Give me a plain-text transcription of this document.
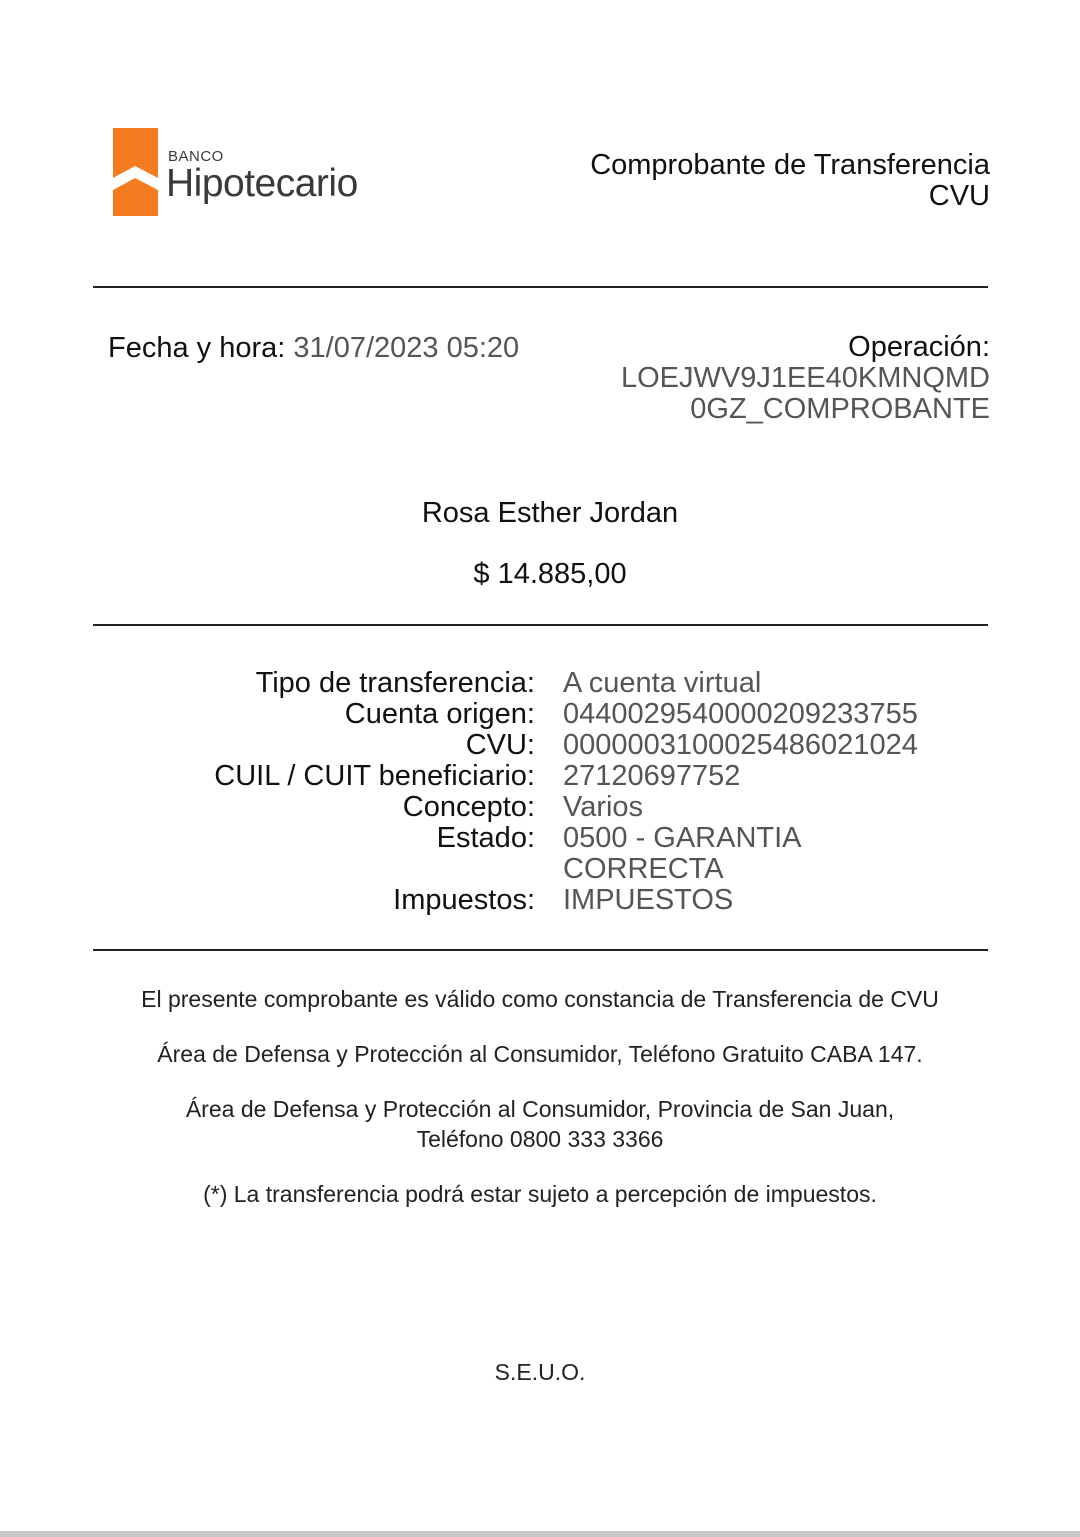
BANCO
Hipotecario	Comprobante de Transferencia
CVU
Fecha y hora: 31/07/2023 05:20	Operación:
LOEJWV9J1EE40KMNQMD0GZ_COMPROBANTE
Rosa Esther Jordan
$ 14.885,00
Tipo de transferencia: A cuenta virtual
Cuenta origen: 0440029540000209233755
CVU: 0000003100025486021024
CUIL / CUIT beneficiario: 27120697752
Concepto: Varios
Estado: 0500 - GARANTIA CORRECTA
Impuestos: IMPUESTOS
El presente comprobante es válido como constancia de Transferencia de CVU
Área de Defensa y Protección al Consumidor, Teléfono Gratuito CABA 147.
Área de Defensa y Protección al Consumidor, Provincia de San Juan,
Teléfono 0800 333 3366
(*) La transferencia podrá estar sujeto a percepción de impuestos.
S.E.U.O.
